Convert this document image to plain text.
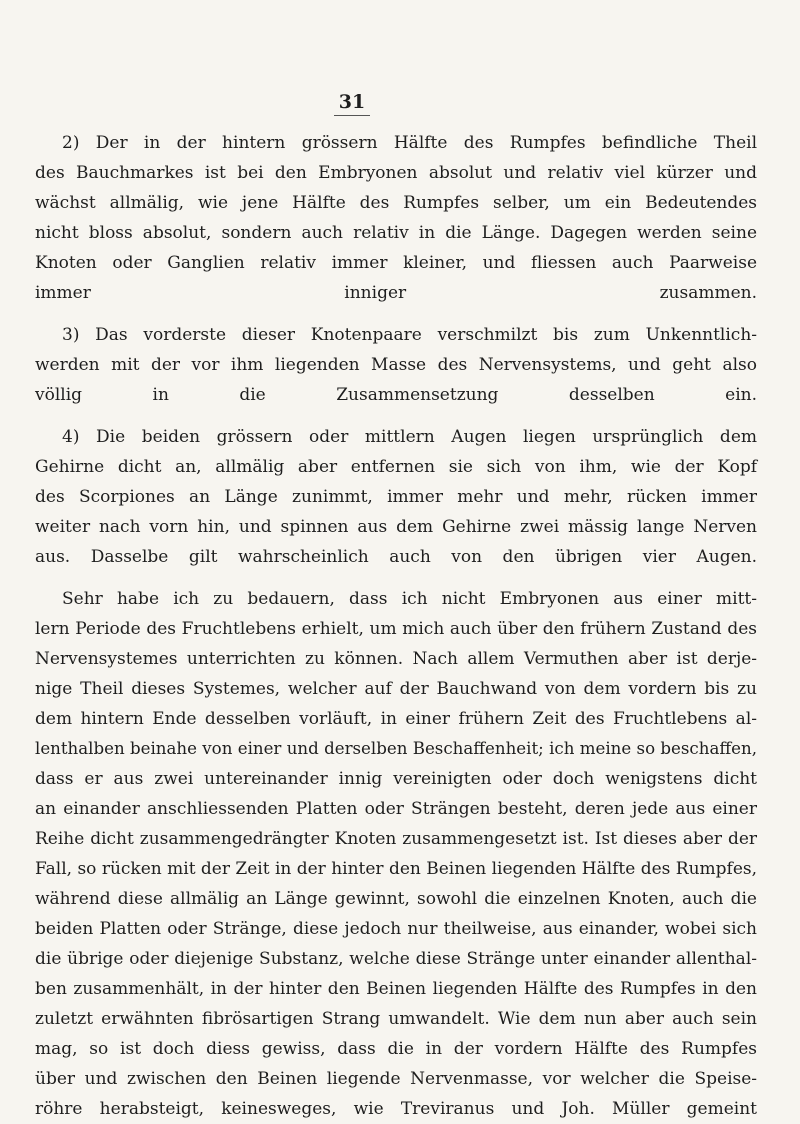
31
2) Der in der hintern grössern Hälfte des Rumpfes befindliche Theil
des Bauchmarkes ist bei den Embryonen absolut und relativ viel kürzer und
wächst allmälig, wie jene Hälfte des Rumpfes selber, um ein Bedeutendes
nicht bloss absolut, sondern auch relativ in die Länge. Dagegen werden seine
Knoten oder Ganglien relativ immer kleiner, und fliessen auch Paarweise
immer inniger zusammen.
3) Das vorderste dieser Knotenpaare verschmilzt bis zum Unkenntlich-
werden mit der vor ihm liegenden Masse des Nervensystems, und geht also
völlig in die Zusammensetzung desselben ein.
4) Die beiden grössern oder mittlern Augen liegen ursprünglich dem
Gehirne dicht an, allmälig aber entfernen sie sich von ihm, wie der Kopf
des Scorpiones an Länge zunimmt, immer mehr und mehr, rücken immer
weiter nach vorn hin, und spinnen aus dem Gehirne zwei mässig lange Nerven
aus. Dasselbe gilt wahrscheinlich auch von den übrigen vier Augen.
Sehr habe ich zu bedauern, dass ich nicht Embryonen aus einer mitt-
lern Periode des Fruchtlebens erhielt, um mich auch über den frühern Zustand des
Nervensystemes unterrichten zu können. Nach allem Vermuthen aber ist derje-
nige Theil dieses Systemes, welcher auf der Bauchwand von dem vordern bis zu
dem hintern Ende desselben vorläuft, in einer frühern Zeit des Fruchtlebens al-
lenthalben beinahe von einer und derselben Beschaffenheit; ich meine so beschaffen,
dass er aus zwei untereinander innig vereinigten oder doch wenigstens dicht
an einander anschliessenden Platten oder Strängen besteht, deren jede aus einer
Reihe dicht zusammengedrängter Knoten zusammengesetzt ist. Ist dieses aber der
Fall, so rücken mit der Zeit in der hinter den Beinen liegenden Hälfte des Rumpfes,
während diese allmälig an Länge gewinnt, sowohl die einzelnen Knoten, auch die
beiden Platten oder Stränge, diese jedoch nur theilweise, aus einander, wobei sich
die übrige oder diejenige Substanz, welche diese Stränge unter einander allenthal-
ben zusammenhält, in der hinter den Beinen liegenden Hälfte des Rumpfes in den
zuletzt erwähnten fibrösartigen Strang umwandelt. Wie dem nun aber auch sein
mag, so ist doch diess gewiss, dass die in der vordern Hälfte des Rumpfes
über und zwischen den Beinen liegende Nervenmasse, vor welcher die Speise-
röhre herabsteigt, keinesweges, wie Treviranus und Joh. Müller gemeint
